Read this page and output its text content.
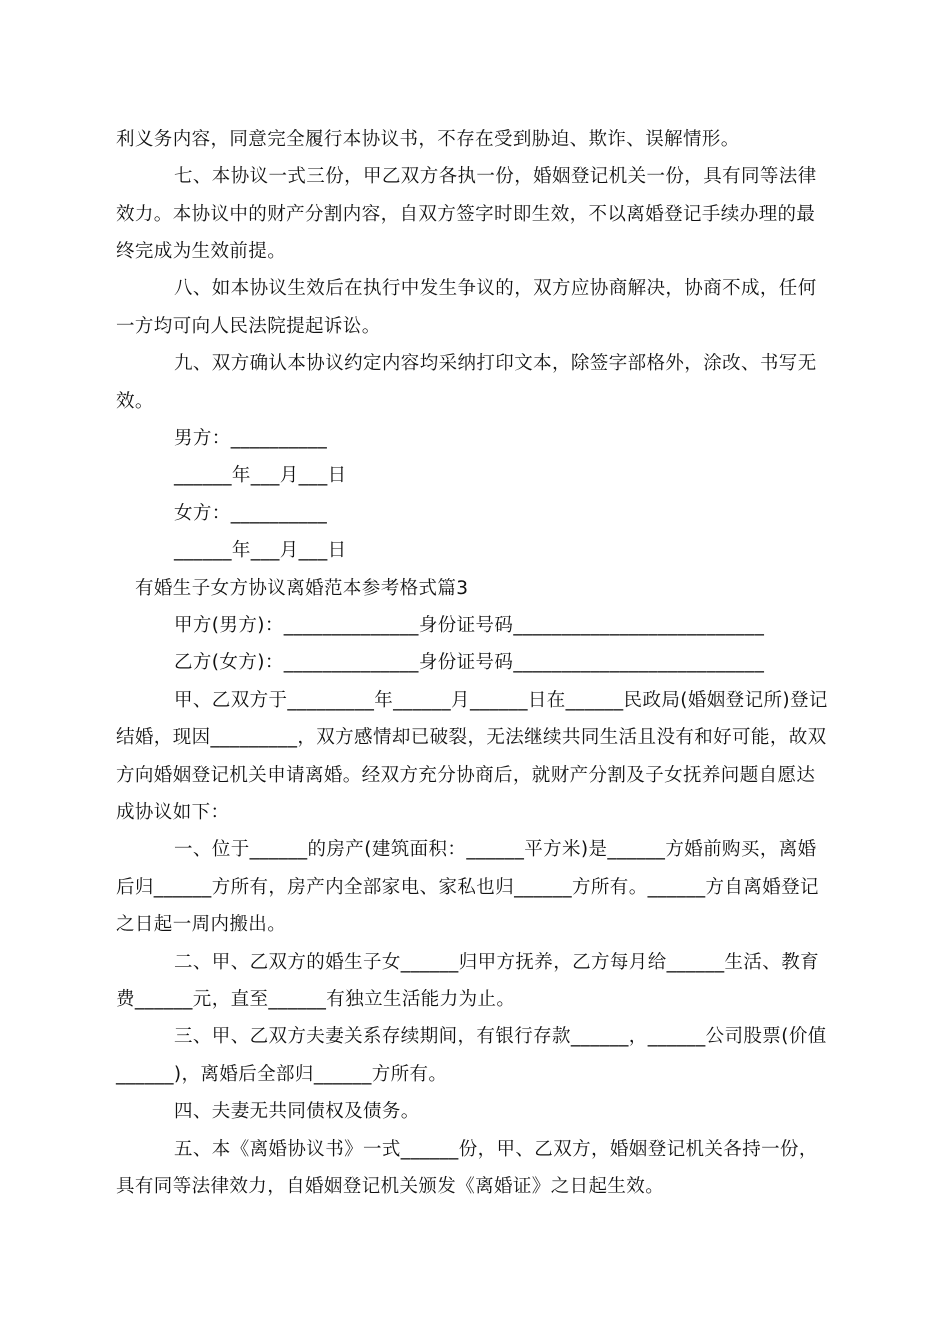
利义务内容，同意完全履行本协议书，不存在受到胁迫、欺诈、误解情形。
七、本协议一式三份，甲乙双方各执一份，婚姻登记机关一份，具有同等法律
效力。本协议中的财产分割内容，自双方签字时即生效，不以离婚登记手续办理的最
终完成为生效前提。
八、如本协议生效后在执行中发生争议的，双方应协商解决，协商不成，任何
一方均可向人民法院提起诉讼。
九、双方确认本协议约定内容均采纳打印文本，除签字部格外，涂改、书写无
效。
男方：__________
______年___月___日
女方：__________
______年___月___日
有婚生子女方协议离婚范本参考格式篇3
甲方(男方)：______________身份证号码__________________________
乙方(女方)：______________身份证号码__________________________
甲、乙双方于_________年______月______日在______民政局(婚姻登记所)登记
结婚，现因_________，双方感情却已破裂，无法继续共同生活且没有和好可能，故双
方向婚姻登记机关申请离婚。经双方充分协商后，就财产分割及子女抚养问题自愿达
成协议如下：
一、位于______的房产(建筑面积：______平方米)是______方婚前购买，离婚
后归______方所有，房产内全部家电、家私也归______方所有。______方自离婚登记
之日起一周内搬出。
二、甲、乙双方的婚生子女______归甲方抚养，乙方每月给______生活、教育
费______元，直至______有独立生活能力为止。
三、甲、乙双方夫妻关系存续期间，有银行存款______，______公司股票(价值
______)，离婚后全部归______方所有。
四、夫妻无共同债权及债务。
五、本《离婚协议书》一式______份，甲、乙双方，婚姻登记机关各持一份，
具有同等法律效力，自婚姻登记机关颁发《离婚证》之日起生效。
